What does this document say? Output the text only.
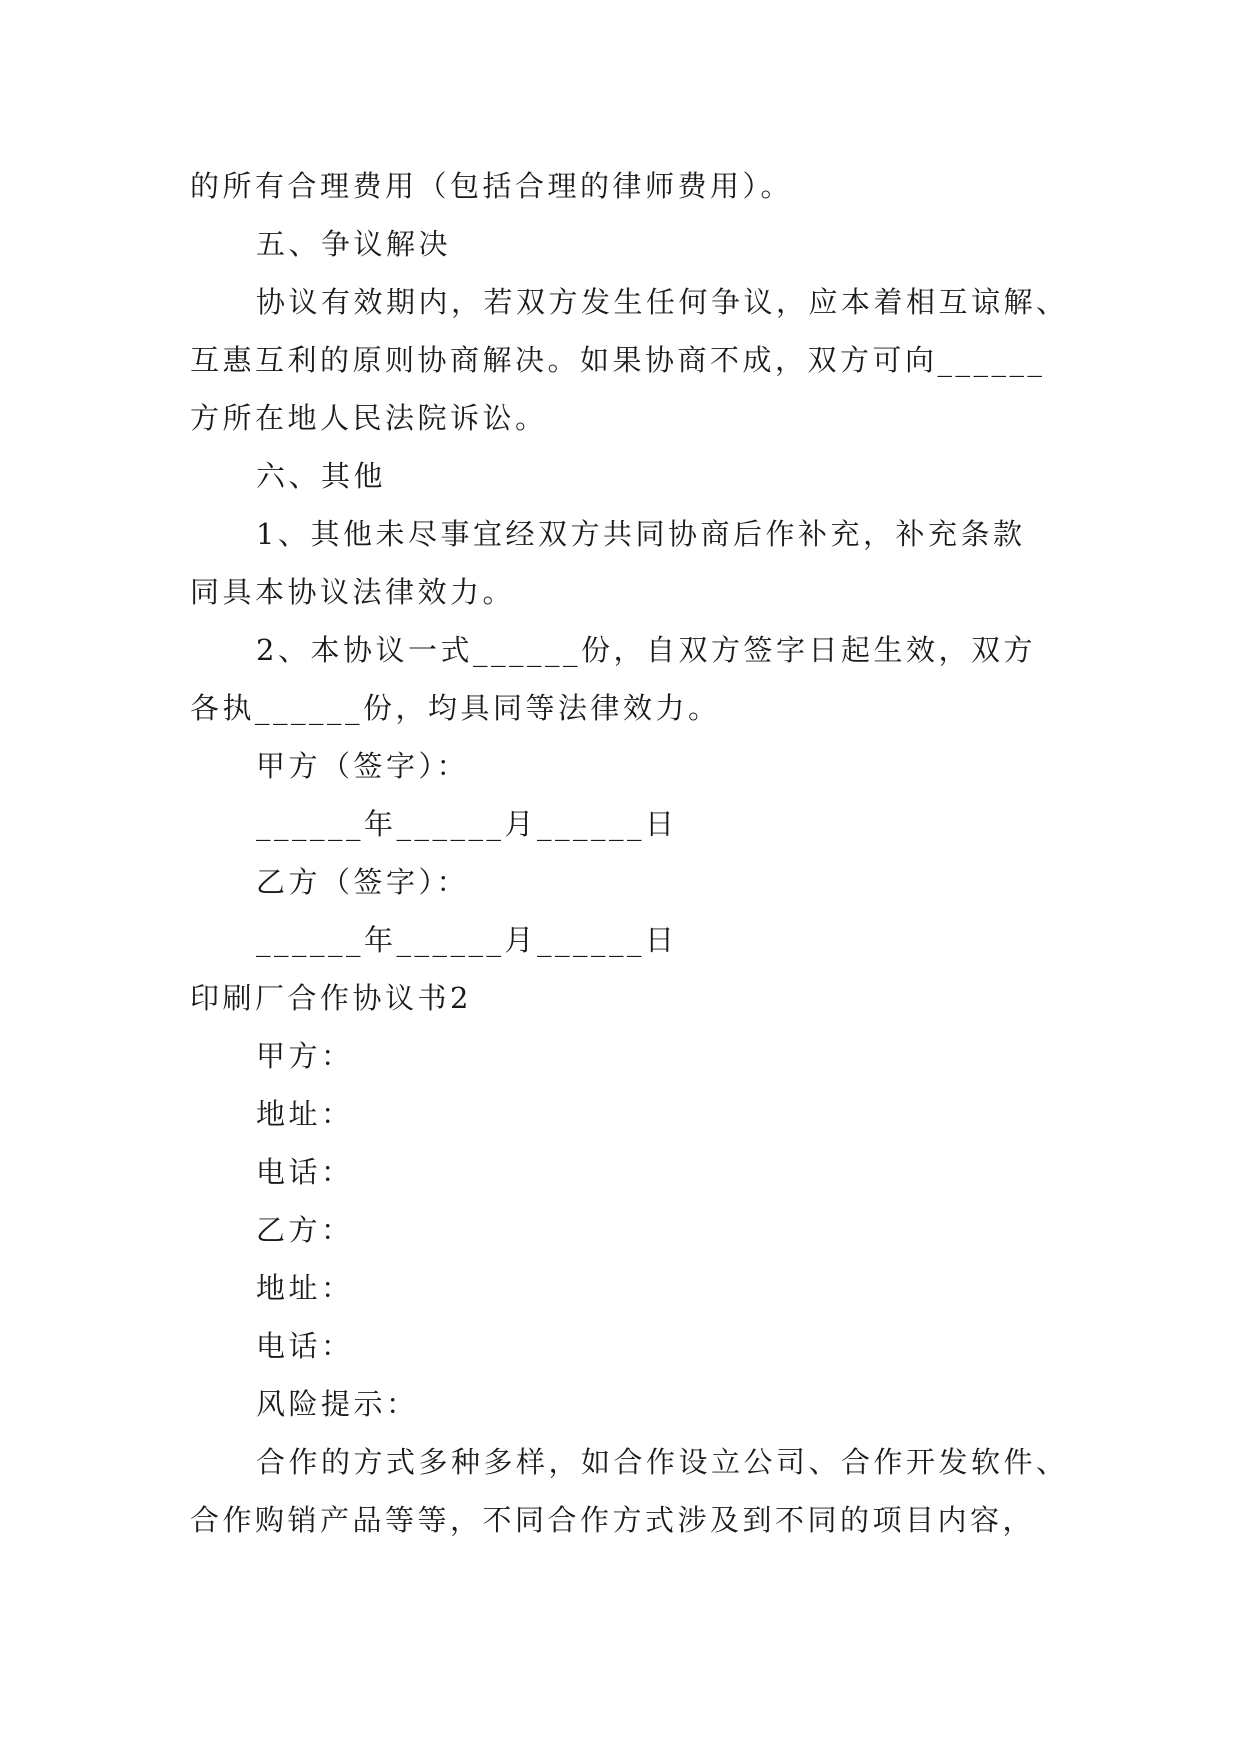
的所有合理费用（包括合理的律师费用）。
五、争议解决
协议有效期内，若双方发生任何争议，应本着相互谅解、
互惠互利的原则协商解决。如果协商不成，双方可向______
方所在地人民法院诉讼。
六、其他
1、其他未尽事宜经双方共同协商后作补充，补充条款
同具本协议法律效力。
2、本协议一式______份，自双方签字日起生效，双方
各执______份，均具同等法律效力。
甲方（签字）：
______年______月______日
乙方（签字）：
______年______月______日
印刷厂合作协议书2
甲方：
地址：
电话：
乙方：
地址：
电话：
风险提示：
合作的方式多种多样，如合作设立公司、合作开发软件、
合作购销产品等等，不同合作方式涉及到不同的项目内容，
